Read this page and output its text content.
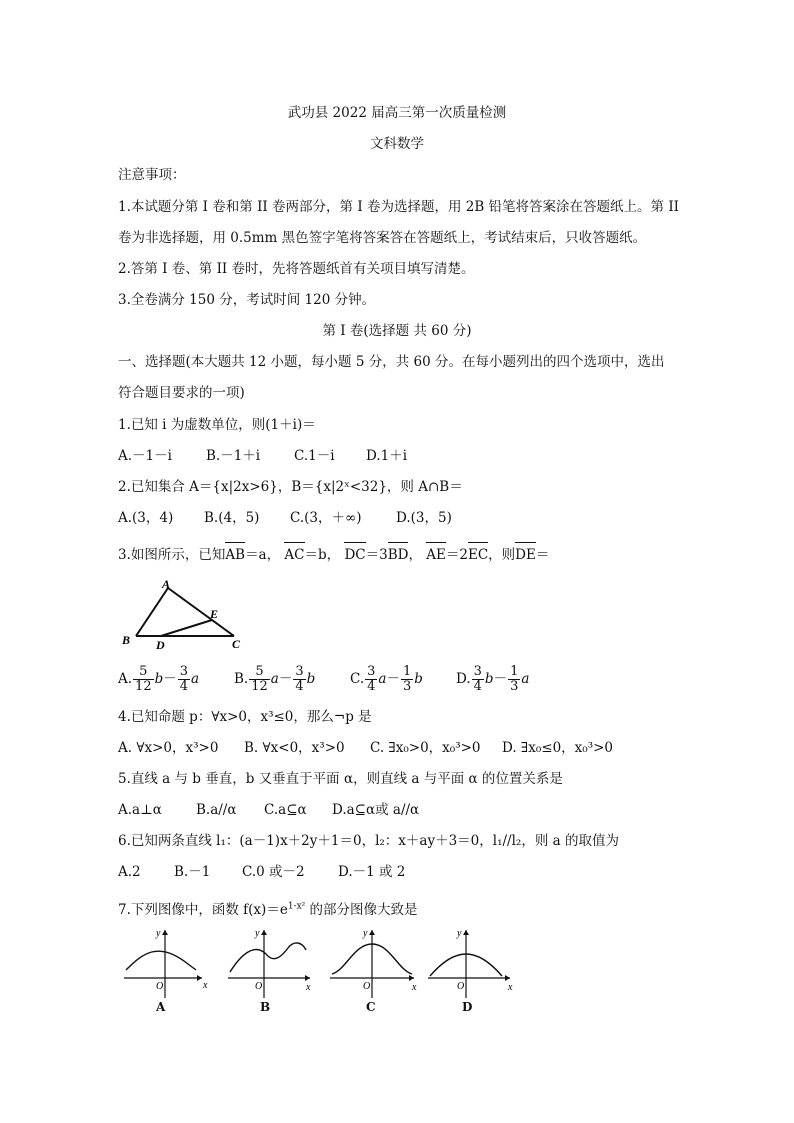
武功县 2022 届高三第一次质量检测
文科数学
注意事项：
1.本试题分第 I 卷和第 II 卷两部分，第 I 卷为选择题，用 2B 铅笔将答案涂在答题纸上。第 II
卷为非选择题，用 0.5mm 黑色签字笔将答案答在答题纸上，考试结束后，只收答题纸。
2.答第 I 卷、第 II 卷时，先将答题纸首有关项目填写清楚。
3.全卷满分 150 分，考试时间 120 分钟。
第 I 卷(选择题 共 60 分)
一、选择题(本大题共 12 小题，每小题 5 分，共 60 分。在每小题列出的四个选项中，选出
符合题目要求的一项)
1.已知 i 为虚数单位，则(1＋i)＝
A.－1－i	B.－1＋i	C.1－i D.1＋i
2.已知集合 A＝{x|2x>6}，B＝{x|2ˣ<32}，则 A∩B＝
A.(3，4) B.(4，5) C.(3，＋∞)	D.(3，5)
3.如图所示，已知AB＝a， AC＝b， DC＝3BD， AE＝2EC，则DE＝
A
B D
E
C
A. $\frac{5}{12} b- \frac{3}{4}$ a	B. $\frac{5}{12} a- \frac{3}{4}$ b	C. $\frac{3}{4} a- \frac{1}{3}$ b D. $\frac{3}{4} b- \frac{1}{3}$ a
4.已知命题 p：∀x>0，x³≤0，那么¬p 是
A. ∀x>0，x³>0 B. ∀x<0，x³>0 C. ∃x₀>0，x₀³>0 D. ∃x₀≤0，x₀³>0
5.直线 a 与 b 垂直，b 又垂直于平面 α，则直线 a 与平面 α 的位置关系是
A.a⊥α	B.a//α C.a⊆α D.a⊆α或 a//α
6.已知两条直线 l₁：(a－1)x＋2y＋1＝0，l₂：x＋ay＋3＝0，l₁//l₂，则 a 的取值为
A.2 B.－1 C.0 或－2 D.－1 或 2
7.下列图像中，函数 $f(x)=e^{1-x^2}$ 的部分图像大致是
y
x
O
y
x
O
y
x
O
y
x
O
A	B	C	D
